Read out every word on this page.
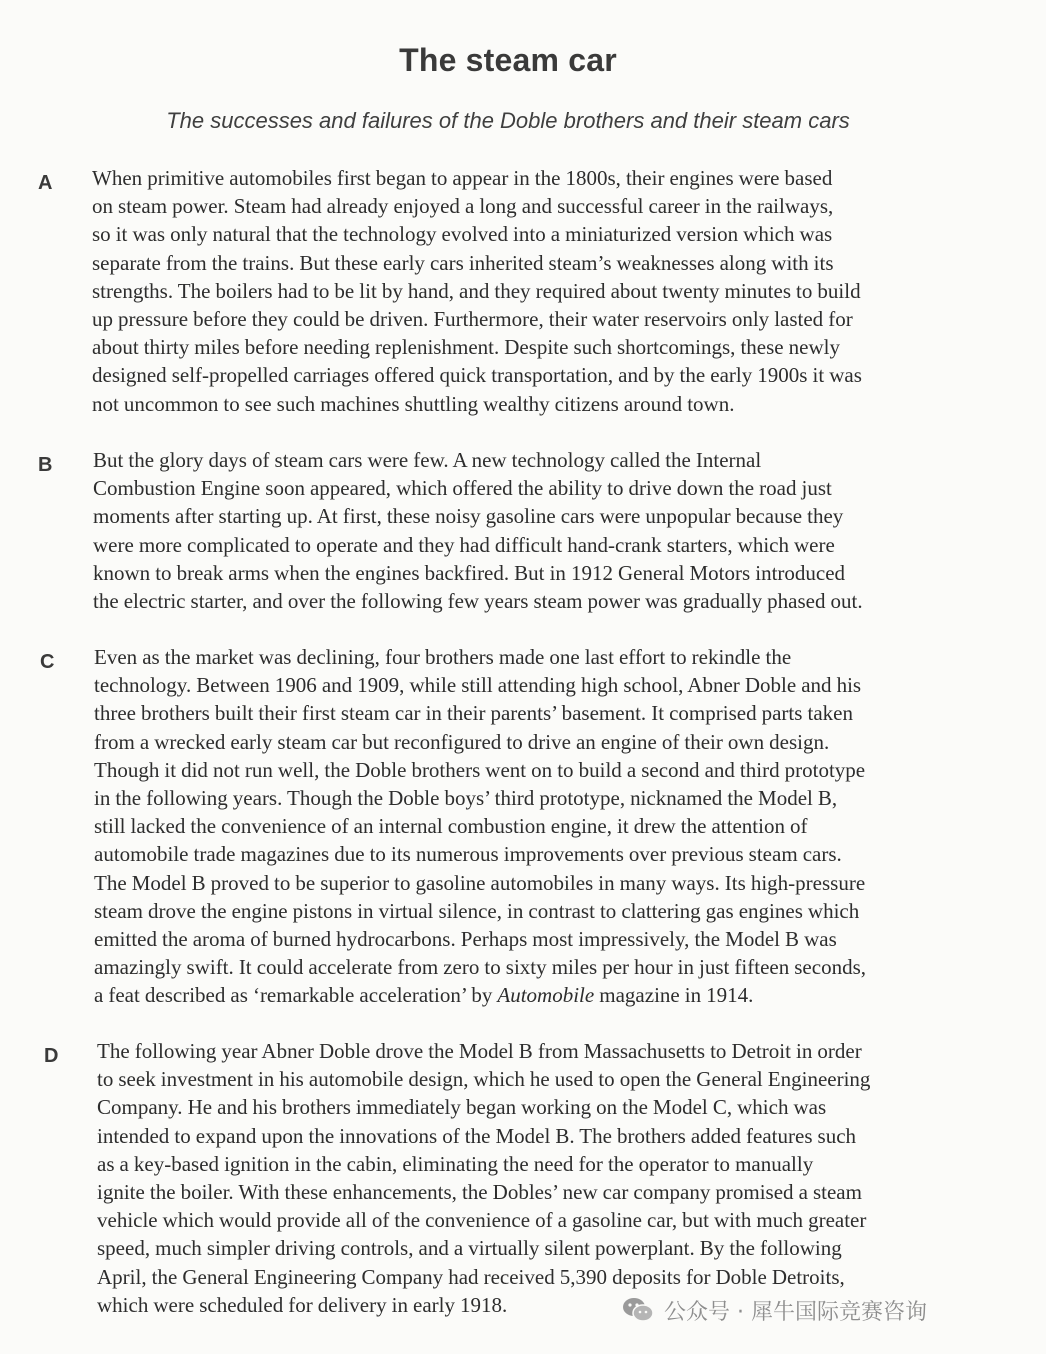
The steam car
The successes and failures of the Doble brothers and their steam cars
A When primitive automobiles first began to appear in the 1800s, their engines were based
on steam power. Steam had already enjoyed a long and successful career in the railways,
so it was only natural that the technology evolved into a miniaturized version which was
separate from the trains. But these early cars inherited steam’s weaknesses along with its
strengths. The boilers had to be lit by hand, and they required about twenty minutes to build
up pressure before they could be driven. Furthermore, their water reservoirs only lasted for
about thirty miles before needing replenishment. Despite such shortcomings, these newly
designed self-propelled carriages offered quick transportation, and by the early 1900s it was
not uncommon to see such machines shuttling wealthy citizens around town.
B But the glory days of steam cars were few. A new technology called the Internal
Combustion Engine soon appeared, which offered the ability to drive down the road just
moments after starting up. At first, these noisy gasoline cars were unpopular because they
were more complicated to operate and they had difficult hand-crank starters, which were
known to break arms when the engines backfired. But in 1912 General Motors introduced
the electric starter, and over the following few years steam power was gradually phased out.
C Even as the market was declining, four brothers made one last effort to rekindle the
technology. Between 1906 and 1909, while still attending high school, Abner Doble and his
three brothers built their first steam car in their parents’ basement. It comprised parts taken
from a wrecked early steam car but reconfigured to drive an engine of their own design.
Though it did not run well, the Doble brothers went on to build a second and third prototype
in the following years. Though the Doble boys’ third prototype, nicknamed the Model B,
still lacked the convenience of an internal combustion engine, it drew the attention of
automobile trade magazines due to its numerous improvements over previous steam cars.
The Model B proved to be superior to gasoline automobiles in many ways. Its high-pressure
steam drove the engine pistons in virtual silence, in contrast to clattering gas engines which
emitted the aroma of burned hydrocarbons. Perhaps most impressively, the Model B was
amazingly swift. It could accelerate from zero to sixty miles per hour in just fifteen seconds,
a feat described as ‘remarkable acceleration’ by Automobile magazine in 1914.
D The following year Abner Doble drove the Model B from Massachusetts to Detroit in order
to seek investment in his automobile design, which he used to open the General Engineering
Company. He and his brothers immediately began working on the Model C, which was
intended to expand upon the innovations of the Model B. The brothers added features such
as a key-based ignition in the cabin, eliminating the need for the operator to manually
ignite the boiler. With these enhancements, the Dobles’ new car company promised a steam
vehicle which would provide all of the convenience of a gasoline car, but with much greater
speed, much simpler driving controls, and a virtually silent powerplant. By the following
April, the General Engineering Company had received 5,390 deposits for Doble Detroits,
which were scheduled for delivery in early 1918.	公众号 · 犀牛国际竞赛咨询
